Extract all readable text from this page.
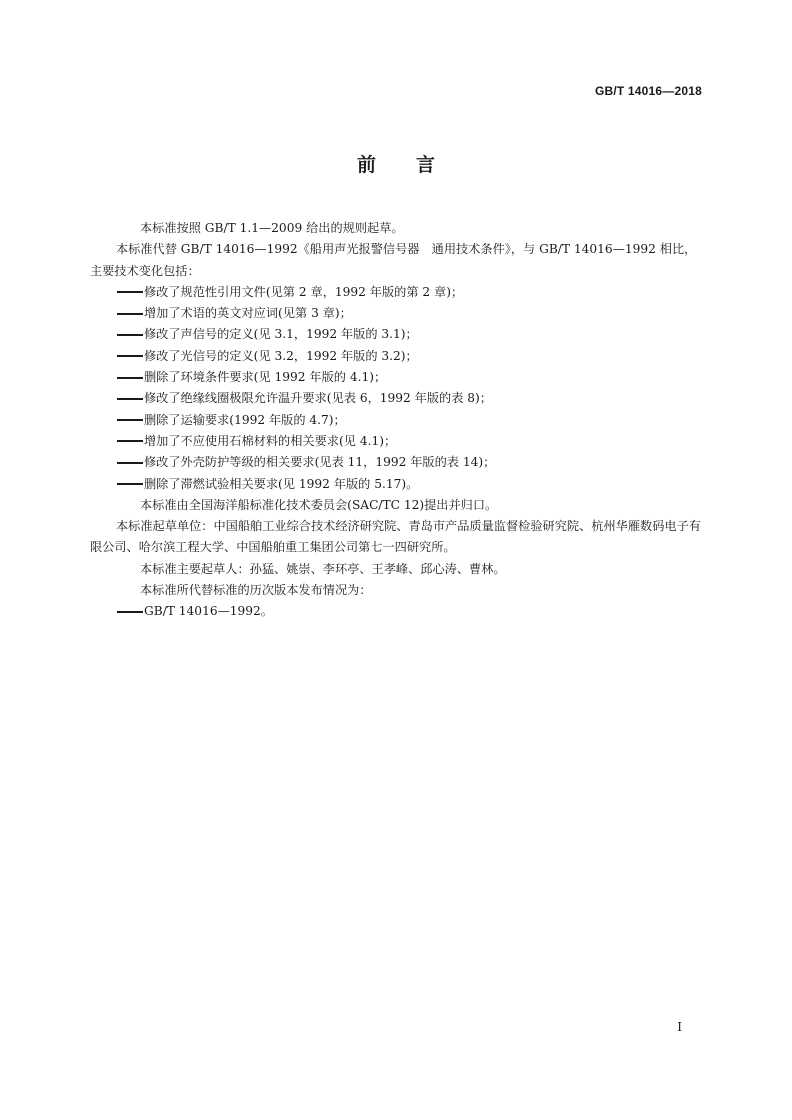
GB/T 14016—2018
前 言

本标准按照 GB/T 1.1—2009 给出的规则起草。

本标准代替 GB/T 14016—1992《船用声光报警信号器　通用技术条件》，与 GB/T 14016—1992 相比，主要技术变化包括：

修改了规范性引用文件(见第 2 章，1992 年版的第 2 章)；

增加了术语的英文对应词(见第 3 章)；

修改了声信号的定义(见 3.1，1992 年版的 3.1)；

修改了光信号的定义(见 3.2，1992 年版的 3.2)；

删除了环境条件要求(见 1992 年版的 4.1)；

修改了绝缘线圈极限允许温升要求(见表 6，1992 年版的表 8)；

删除了运输要求(1992 年版的 4.7)；

增加了不应使用石棉材料的相关要求(见 4.1)；

修改了外壳防护等级的相关要求(见表 11，1992 年版的表 14)；

删除了滞燃试验相关要求(见 1992 年版的 5.17)。

本标准由全国海洋船标准化技术委员会(SAC/TC 12)提出并归口。

本标准起草单位：中国船舶工业综合技术经济研究院、青岛市产品质量监督检验研究院、杭州华雁数码电子有限公司、哈尔滨工程大学、中国船舶重工集团公司第七一四研究所。

本标准主要起草人：孙猛、姚崇、李环亭、王孝峰、邱心涛、曹林。

本标准所代替标准的历次版本发布情况为：

GB/T 14016—1992。

I
